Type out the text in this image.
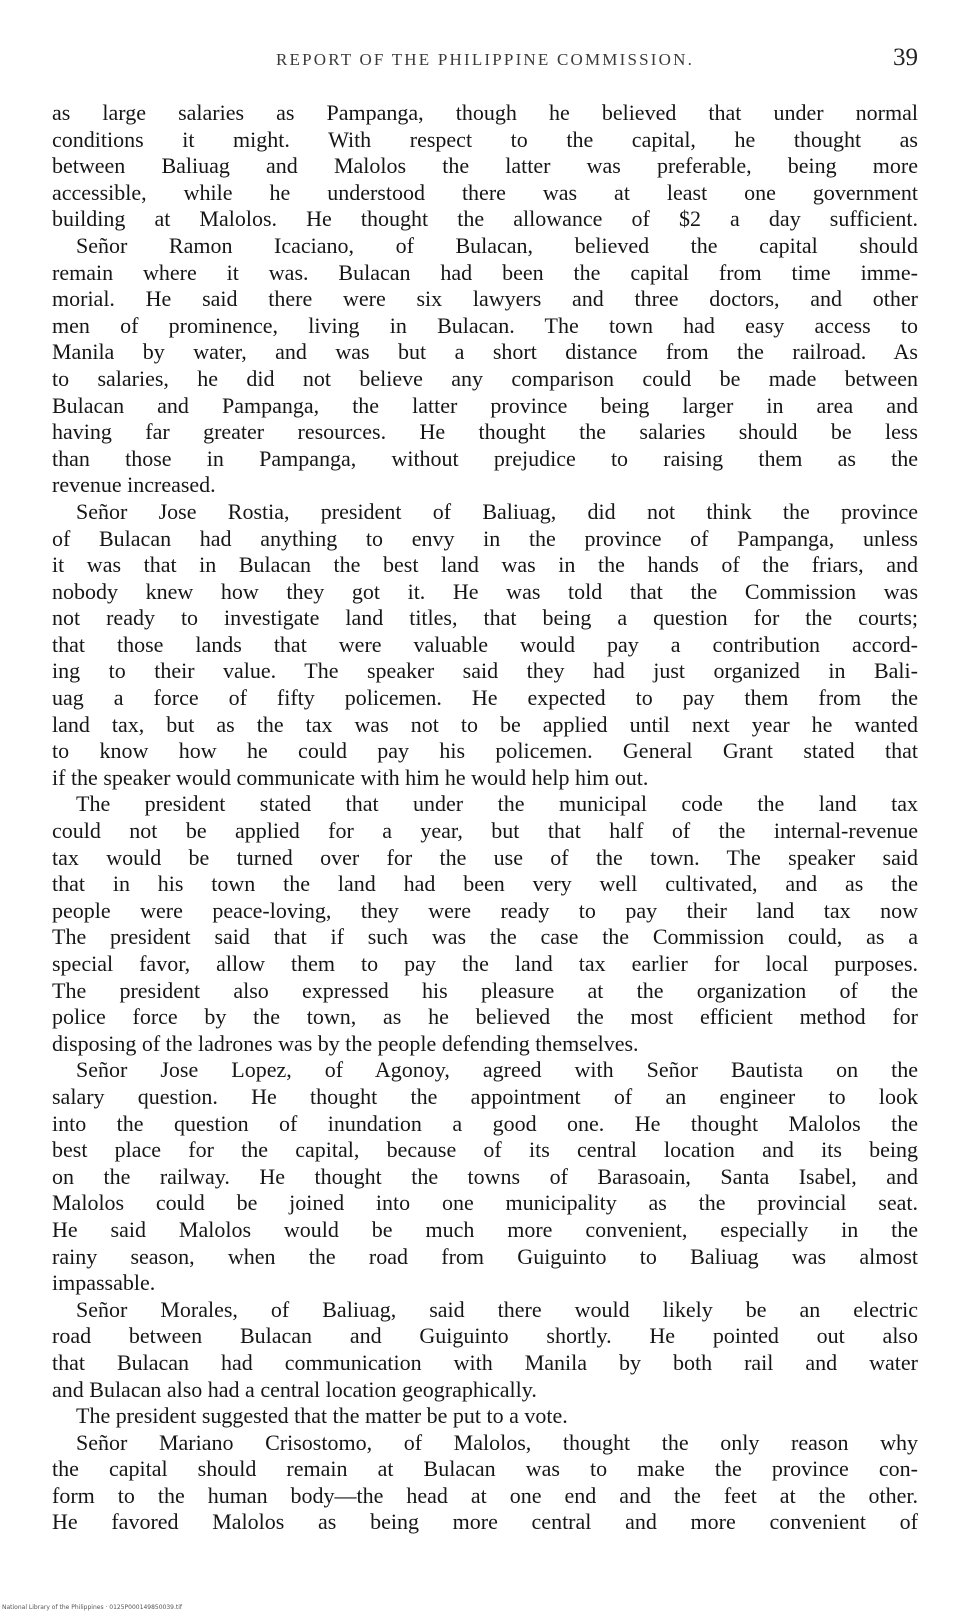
REPORT OF THE PHILIPPINE COMMISSION.	39
as large salaries as Pampanga, though he believed that under normal
conditions it might. With respect to the capital, he thought as
between Baliuag and Malolos the latter was preferable, being more
accessible, while he understood there was at least one government
building at Malolos. He thought the allowance of $2 a day sufficient.
Señor Ramon Icaciano, of Bulacan, believed the capital should
remain where it was. Bulacan had been the capital from time imme-
morial. He said there were six lawyers and three doctors, and other
men of prominence, living in Bulacan. The town had easy access to
Manila by water, and was but a short distance from the railroad. As
to salaries, he did not believe any comparison could be made between
Bulacan and Pampanga, the latter province being larger in area and
having far greater resources. He thought the salaries should be less
than those in Pampanga, without prejudice to raising them as the
revenue increased.
Señor Jose Rostia, president of Baliuag, did not think the province
of Bulacan had anything to envy in the province of Pampanga, unless
it was that in Bulacan the best land was in the hands of the friars, and
nobody knew how they got it. He was told that the Commission was
not ready to investigate land titles, that being a question for the courts;
that those lands that were valuable would pay a contribution accord-
ing to their value. The speaker said they had just organized in Bali-
uag a force of fifty policemen. He expected to pay them from the
land tax, but as the tax was not to be applied until next year he wanted
to know how he could pay his policemen. General Grant stated that
if the speaker would communicate with him he would help him out.
The president stated that under the municipal code the land tax
could not be applied for a year, but that half of the internal-revenue
tax would be turned over for the use of the town. The speaker said
that in his town the land had been very well cultivated, and as the
people were peace-loving, they were ready to pay their land tax now
The president said that if such was the case the Commission could, as a
special favor, allow them to pay the land tax earlier for local purposes.
The president also expressed his pleasure at the organization of the
police force by the town, as he believed the most efficient method for
disposing of the ladrones was by the people defending themselves.
Señor Jose Lopez, of Agonoy, agreed with Señor Bautista on the
salary question. He thought the appointment of an engineer to look
into the question of inundation a good one. He thought Malolos the
best place for the capital, because of its central location and its being
on the railway. He thought the towns of Barasoain, Santa Isabel, and
Malolos could be joined into one municipality as the provincial seat.
He said Malolos would be much more convenient, especially in the
rainy season, when the road from Guiguinto to Baliuag was almost
impassable.
Señor Morales, of Baliuag, said there would likely be an electric
road between Bulacan and Guiguinto shortly. He pointed out also
that Bulacan had communication with Manila by both rail and water
and Bulacan also had a central location geographically.
The president suggested that the matter be put to a vote.
Señor Mariano Crisostomo, of Malolos, thought the only reason why
the capital should remain at Bulacan was to make the province con-
form to the human body—the head at one end and the feet at the other.
He favored Malolos as being more central and more convenient of
National Library of the Philippines · 0125P000149850039.tif
